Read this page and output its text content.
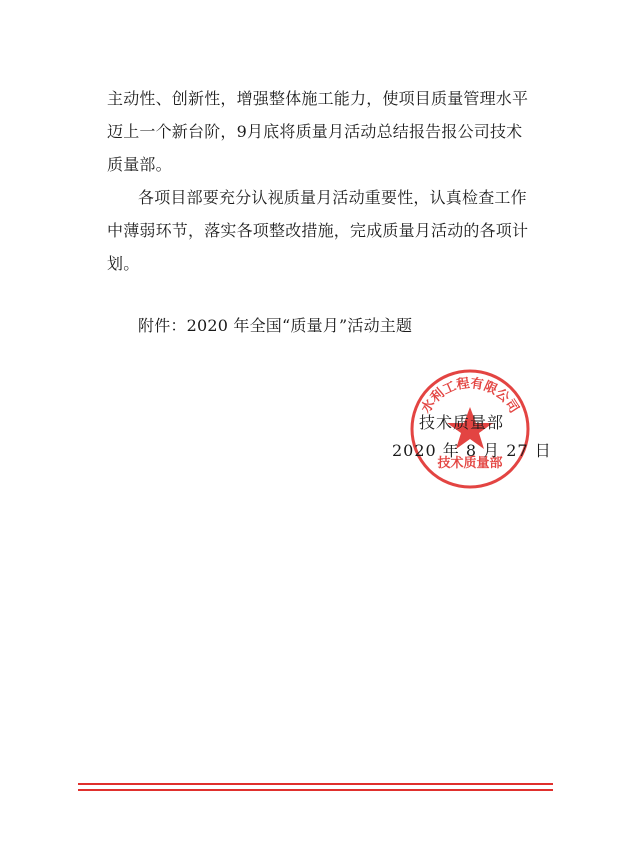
主动性、创新性，增强整体施工能力，使项目质量管理水平
迈上一个新台阶，9月底将质量月活动总结报告报公司技术
质量部。
各项目部要充分认视质量月活动重要性，认真检查工作
中薄弱环节，落实各项整改措施，完成质量月活动的各项计
划。
附件：2020 年全国“质量月”活动主题
水利工程有限公司
技术质量部
技术质量部
2020 年 8 月 27 日
